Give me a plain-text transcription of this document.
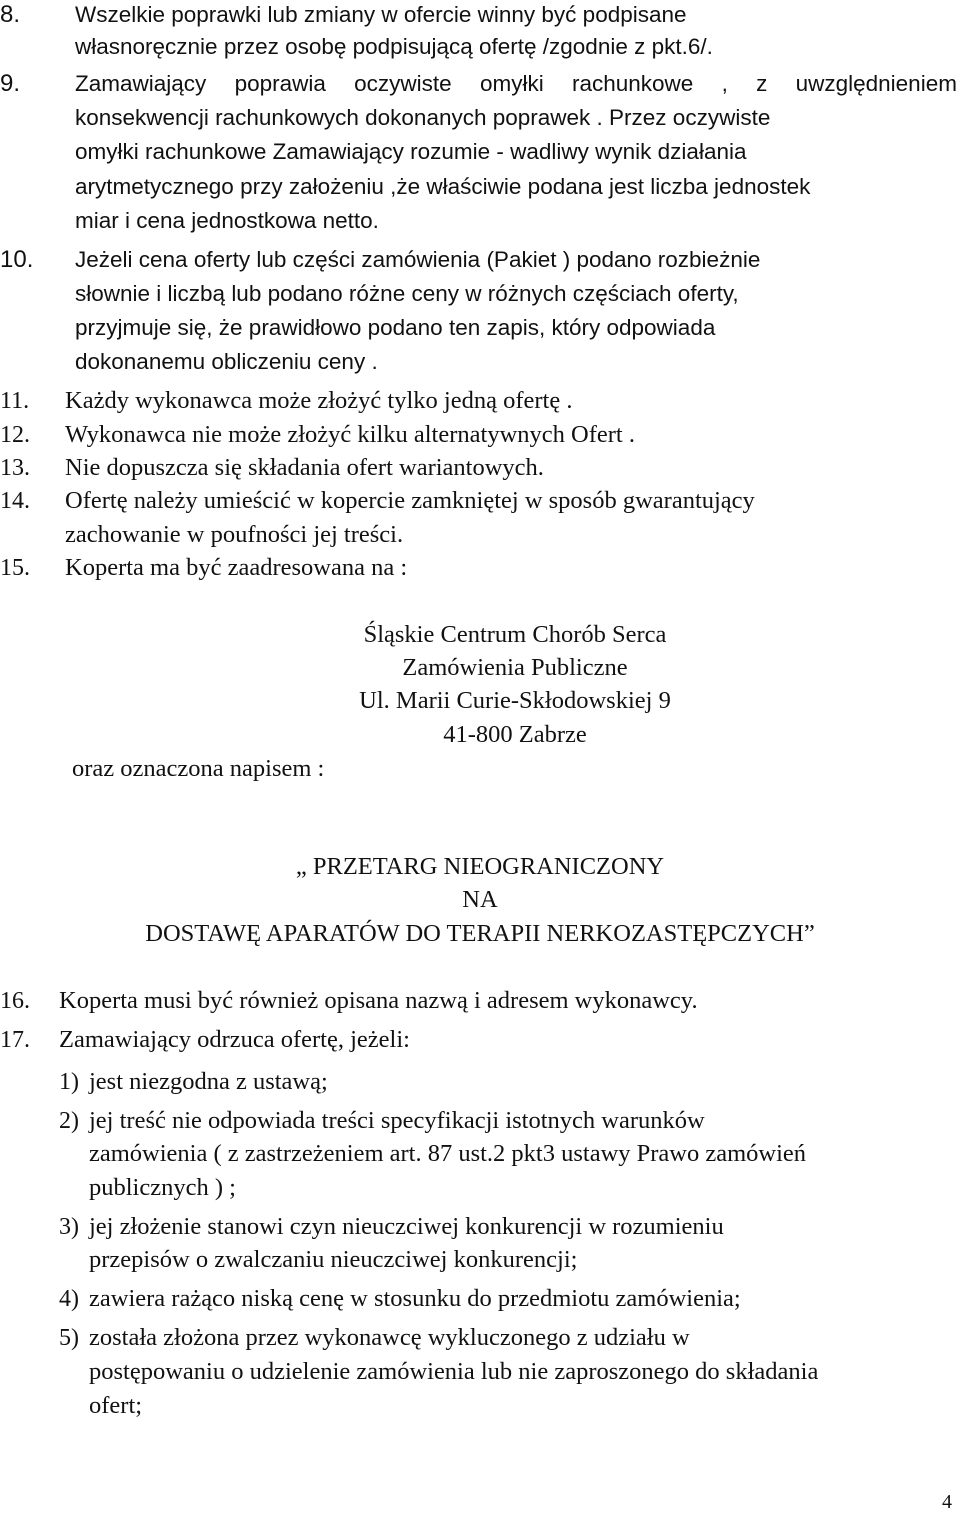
8. Wszelkie poprawki lub zmiany w ofercie winny być podpisane
własnoręcznie przez osobę podpisującą ofertę /zgodnie z pkt.6/.
9. Zamawiający poprawia oczywiste omyłki rachunkowe , z uwzględnieniem
konsekwencji rachunkowych dokonanych poprawek . Przez oczywiste
omyłki rachunkowe Zamawiający rozumie - wadliwy wynik działania
arytmetycznego przy założeniu ,że właściwie podana jest liczba jednostek
miar i cena jednostkowa netto.
10. Jeżeli cena oferty lub części zamówienia (Pakiet ) podano rozbieżnie
słownie i liczbą lub podano różne ceny w różnych częściach oferty,
przyjmuje się, że prawidłowo podano ten zapis, który odpowiada
dokonanemu obliczeniu ceny .
11. Każdy wykonawca może złożyć tylko jedną ofertę .
12. Wykonawca nie może złożyć kilku alternatywnych Ofert .
13. Nie dopuszcza się składania ofert wariantowych.
14. Ofertę należy umieścić w kopercie zamkniętej w sposób gwarantujący
zachowanie w poufności jej treści.
15. Koperta ma być zaadresowana na :
Śląskie Centrum Chorób Serca
Zamówienia Publiczne
Ul. Marii Curie-Skłodowskiej 9
41-800 Zabrze
oraz oznaczona napisem :
„ PRZETARG NIEOGRANICZONY
NA
DOSTAWĘ APARATÓW DO TERAPII NERKOZASTĘPCZYCH”
16. Koperta musi być również opisana nazwą i adresem wykonawcy.
17. Zamawiający odrzuca ofertę, jeżeli:
1) jest niezgodna z ustawą;
2) jej treść nie odpowiada treści specyfikacji istotnych warunków
zamówienia ( z zastrzeżeniem art. 87 ust.2 pkt3 ustawy Prawo zamówień
publicznych ) ;
3) jej złożenie stanowi czyn nieuczciwej konkurencji w rozumieniu
przepisów o zwalczaniu nieuczciwej konkurencji;
4) zawiera rażąco niską cenę w stosunku do przedmiotu zamówienia;
5) została złożona przez wykonawcę wykluczonego z udziału w
postępowaniu o udzielenie zamówienia lub nie zaproszonego do składania
ofert;
4
